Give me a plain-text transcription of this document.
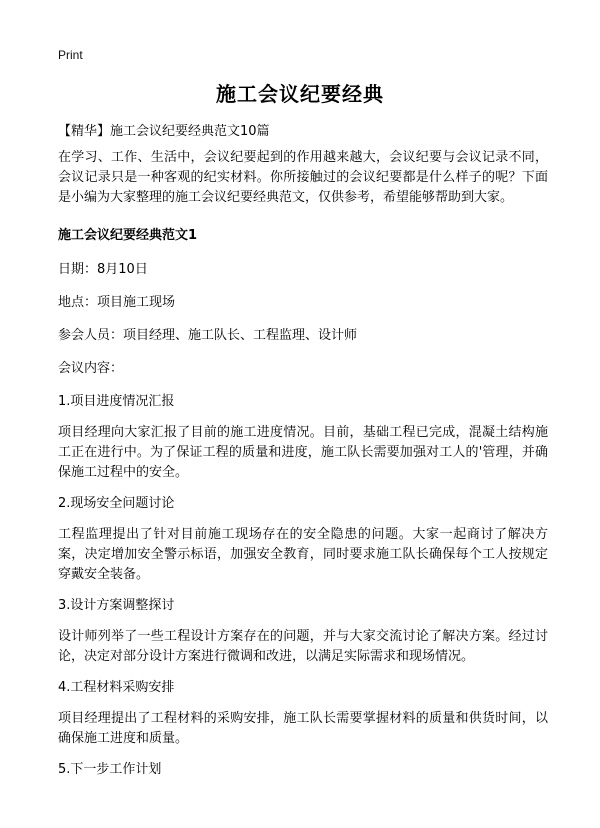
Print
施工会议纪要经典
【精华】施工会议纪要经典范文10篇

在学习、工作、生活中，会议纪要起到的作用越来越大，会议纪要与会议记录不同，会议记录只是一种客观的纪实材料。你所接触过的会议纪要都是什么样子的呢？下面是小编为大家整理的施工会议纪要经典范文，仅供参考，希望能够帮助到大家。

施工会议纪要经典范文1

日期：8月10日

地点：项目施工现场

参会人员：项目经理、施工队长、工程监理、设计师

会议内容：

1.项目进度情况汇报

项目经理向大家汇报了目前的施工进度情况。目前，基础工程已完成，混凝土结构施工正在进行中。为了保证工程的质量和进度，施工队长需要加强对工人的'管理，并确保施工过程中的安全。

2.现场安全问题讨论

工程监理提出了针对目前施工现场存在的安全隐患的问题。大家一起商讨了解决方案，决定增加安全警示标语，加强安全教育，同时要求施工队长确保每个工人按规定穿戴安全装备。

3.设计方案调整探讨

设计师列举了一些工程设计方案存在的问题，并与大家交流讨论了解决方案。经过讨论，决定对部分设计方案进行微调和改进，以满足实际需求和现场情况。

4.工程材料采购安排

项目经理提出了工程材料的采购安排，施工队长需要掌握材料的质量和供货时间，以确保施工进度和质量。

5.下一步工作计划
